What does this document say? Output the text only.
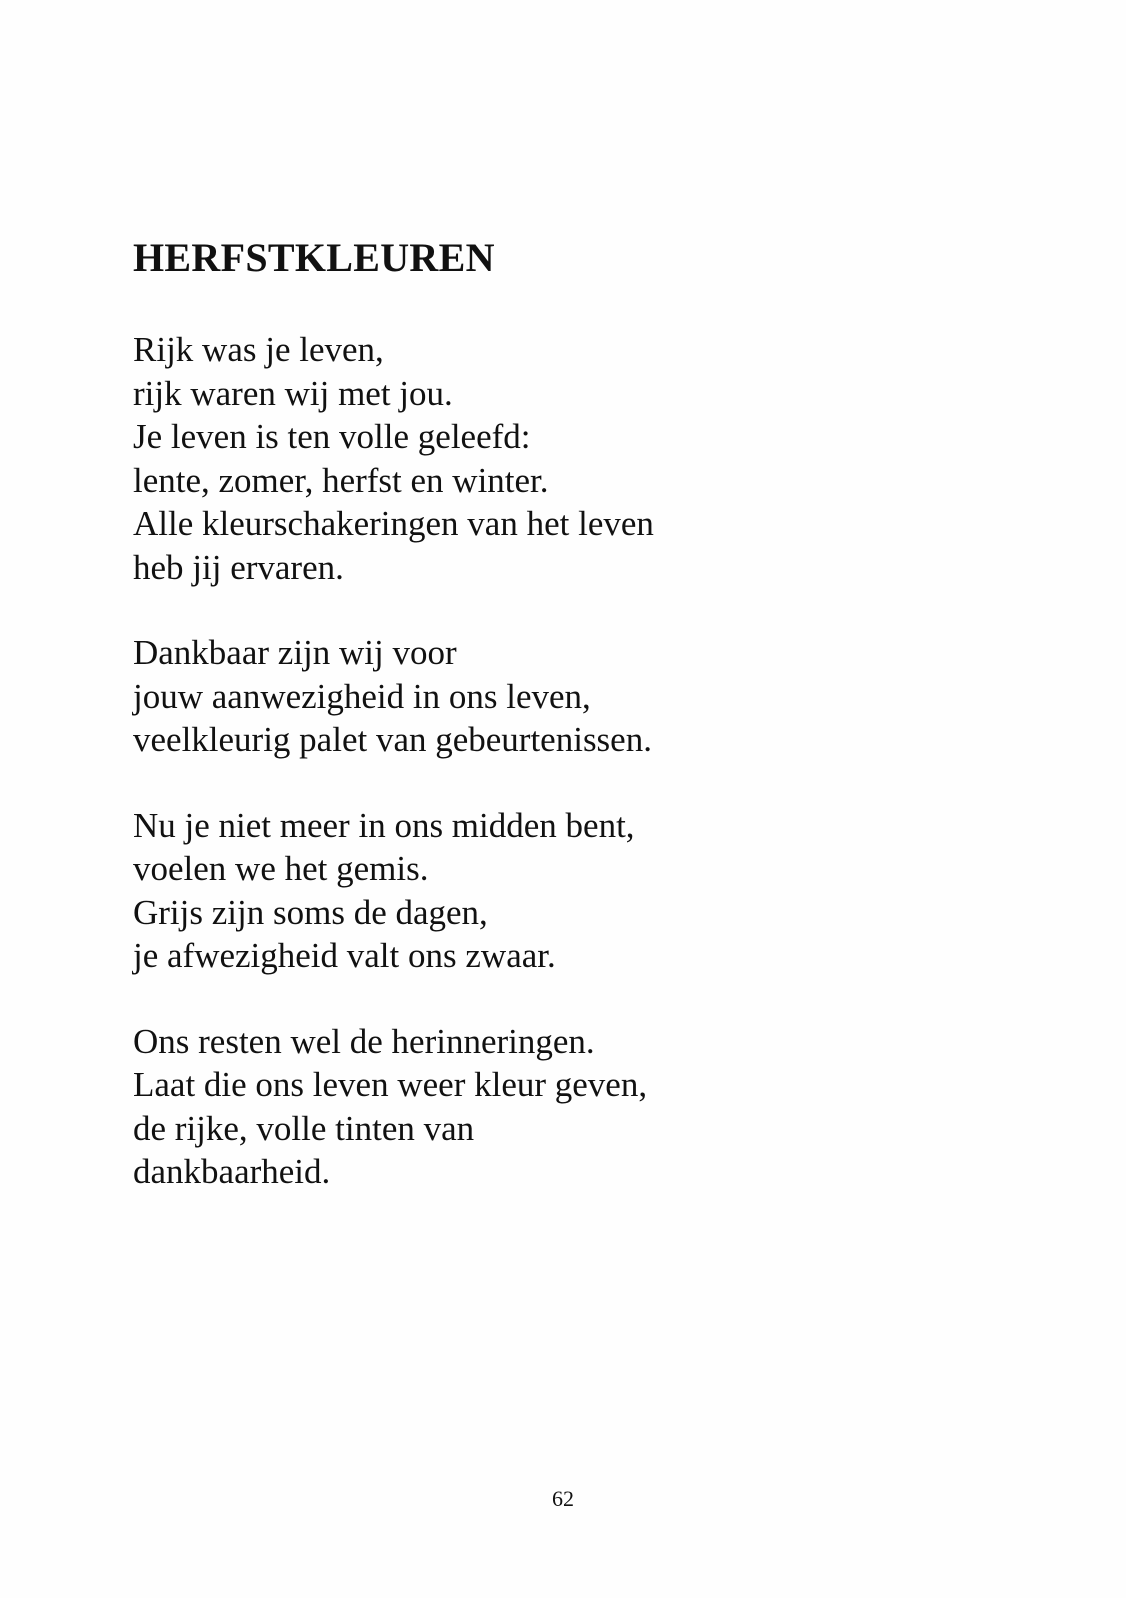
HERFSTKLEUREN
Rijk was je leven,
rijk waren wij met jou.
Je leven is ten volle geleefd:
lente, zomer, herfst en winter.
Alle kleurschakeringen van het leven
heb jij ervaren.
Dankbaar zijn wij voor
jouw aanwezigheid in ons leven,
veelkleurig palet van gebeurtenissen.
Nu je niet meer in ons midden bent,
voelen we het gemis.
Grijs zijn soms de dagen,
je afwezigheid valt ons zwaar.
Ons resten wel de herinneringen.
Laat die ons leven weer kleur geven,
de rijke, volle tinten van
dankbaarheid.
62
